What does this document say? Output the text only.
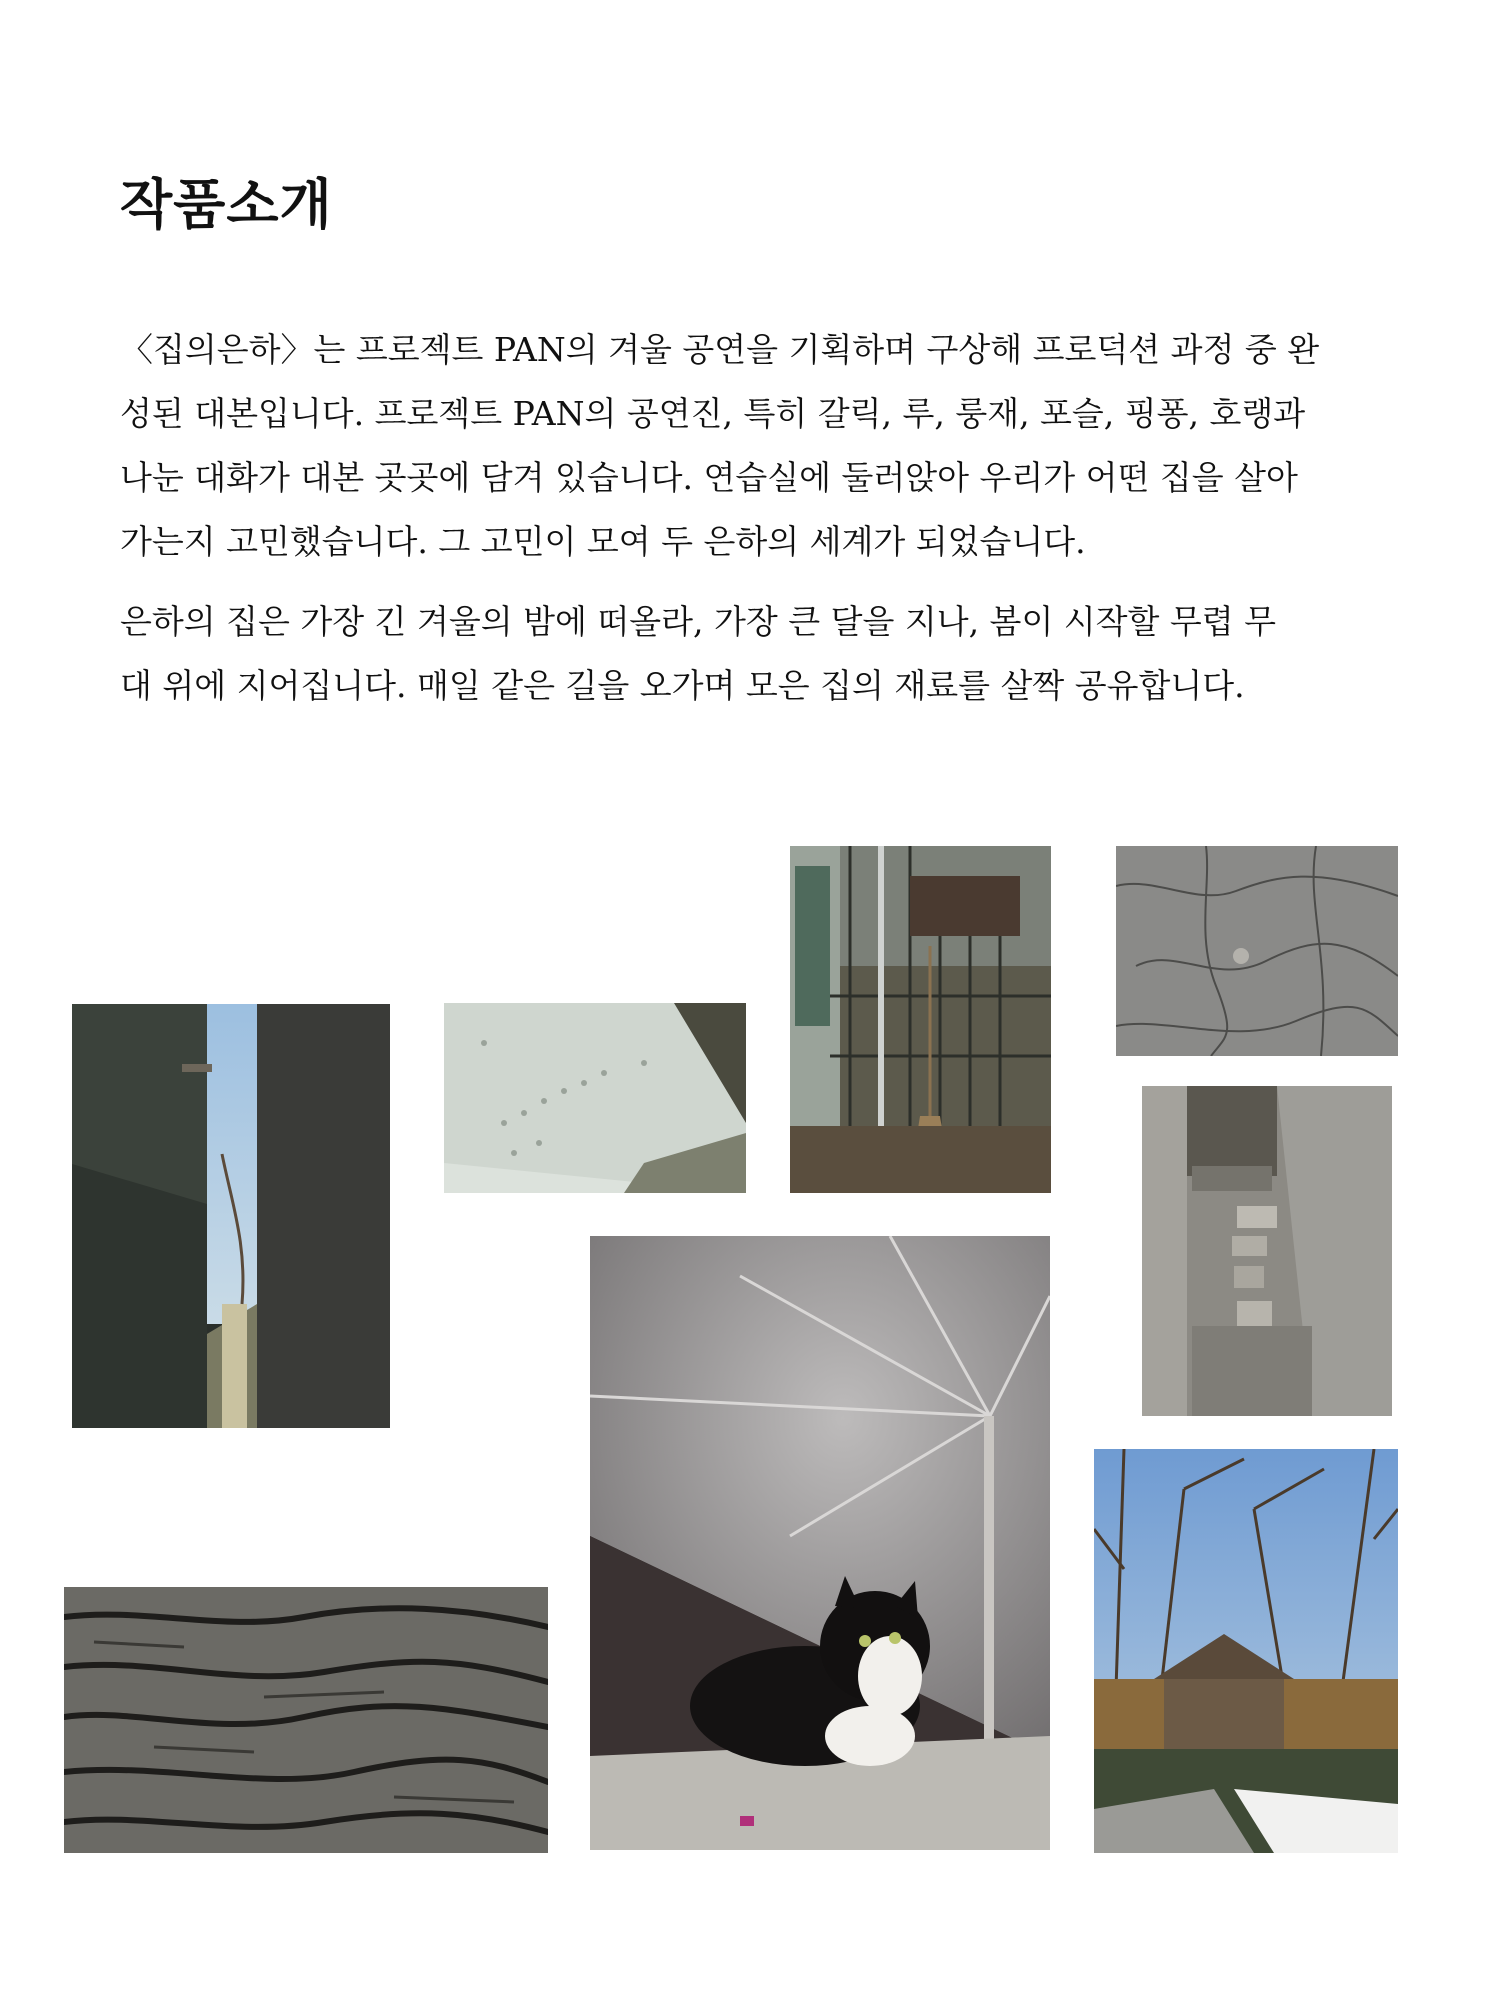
작품소개

〈집의은하〉는 프로젝트 PAN의 겨울 공연을 기획하며 구상해 프로덕션 과정 중 완
성된 대본입니다. 프로젝트 PAN의 공연진, 특히 갈릭, 루, 룽재, 포슬, 핑퐁, 호랭과
나눈 대화가 대본 곳곳에 담겨 있습니다. 연습실에 둘러앉아 우리가 어떤 집을 살아
가는지 고민했습니다. 그 고민이 모여 두 은하의 세계가 되었습니다.

은하의 집은 가장 긴 겨울의 밤에 떠올라, 가장 큰 달을 지나, 봄이 시작할 무렵 무
대 위에 지어집니다. 매일 같은 길을 오가며 모은 집의 재료를 살짝 공유합니다.
